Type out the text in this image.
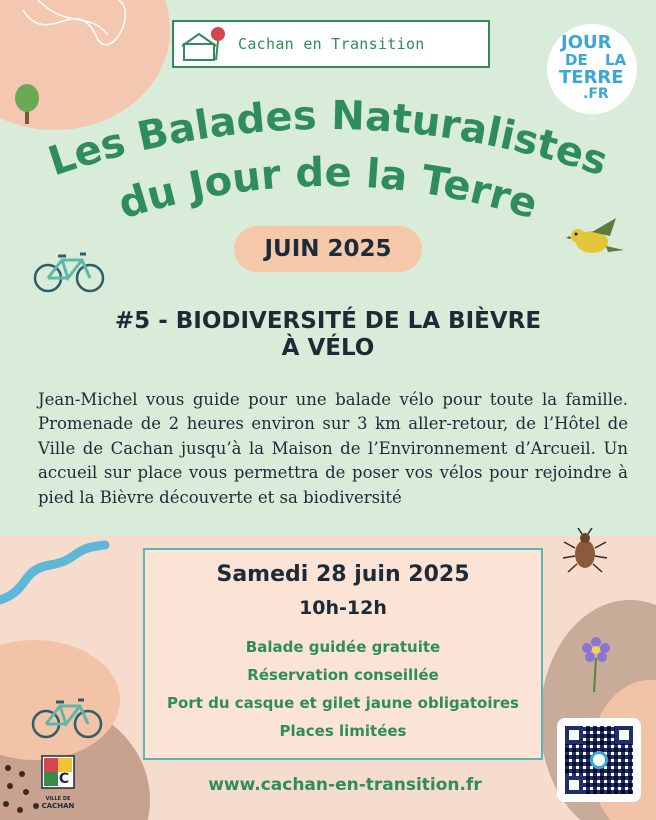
Cachan en Transition	JOUR
DE LA
TERRE
.FR
Les Balades Naturalistes
du Jour de la Terre
JUIN 2025
#5 - BIODIVERSITÉ DE LA BIÈVRE
À VÉLO
Jean-Michel vous guide pour une balade vélo pour toute la famille. Promenade de 2 heures environ sur 3 km aller-retour, de l’Hôtel de Ville de Cachan jusqu’à la Maison de l’Environnement d’Arcueil. Un accueil sur place vous permettra de poser vos vélos pour rejoindre à pied la Bièvre découverte et sa biodiversité
Samedi 28 juin 2025
10h-12h
Balade guidée gratuite
Réservation conseillée
Port du casque et gilet jaune obligatoires
Places limitées
C
VILLE DE
CACHAN
www.cachan-en-transition.fr
